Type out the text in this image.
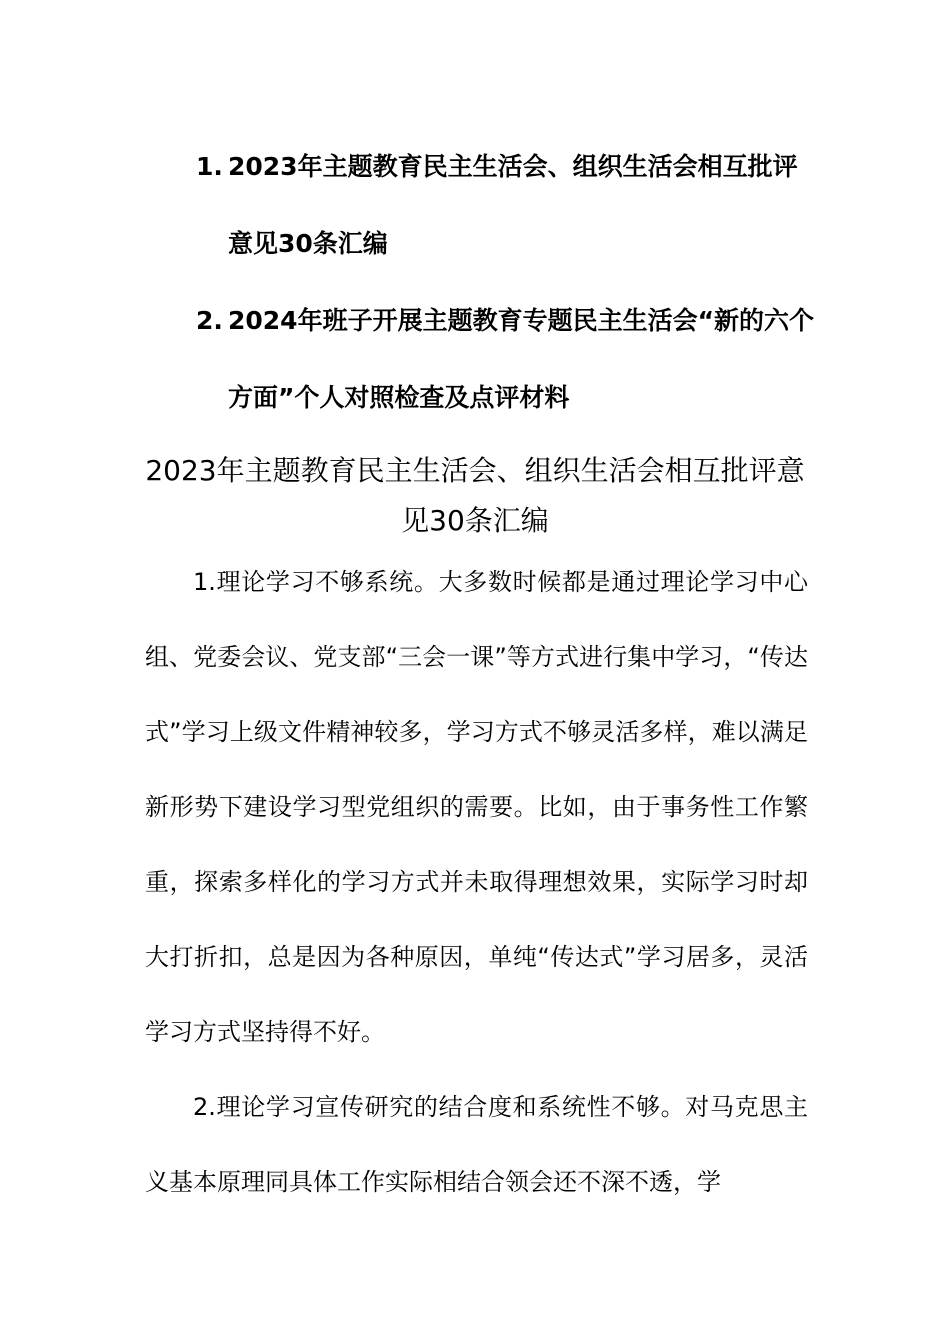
1. 2023年主题教育民主生活会、组织生活会相互批评意见30条汇编
2. 2024年班子开展主题教育专题民主生活会“新的六个方面”个人对照检查及点评材料
2023年主题教育民主生活会、组织生活会相互批评意见30条汇编

1.理论学习不够系统。大多数时候都是通过理论学习中心组、党委会议、党支部“三会一课”等方式进行集中学习，“传达式”学习上级文件精神较多，学习方式不够灵活多样，难以满足新形势下建设学习型党组织的需要。比如，由于事务性工作繁重，探索多样化的学习方式并未取得理想效果，实际学习时却大打折扣，总是因为各种原因，单纯“传达式”学习居多，灵活学习方式坚持得不好。

2.理论学习宣传研究的结合度和系统性不够。对马克思主义基本原理同具体工作实际相结合领会还不深不透，学
